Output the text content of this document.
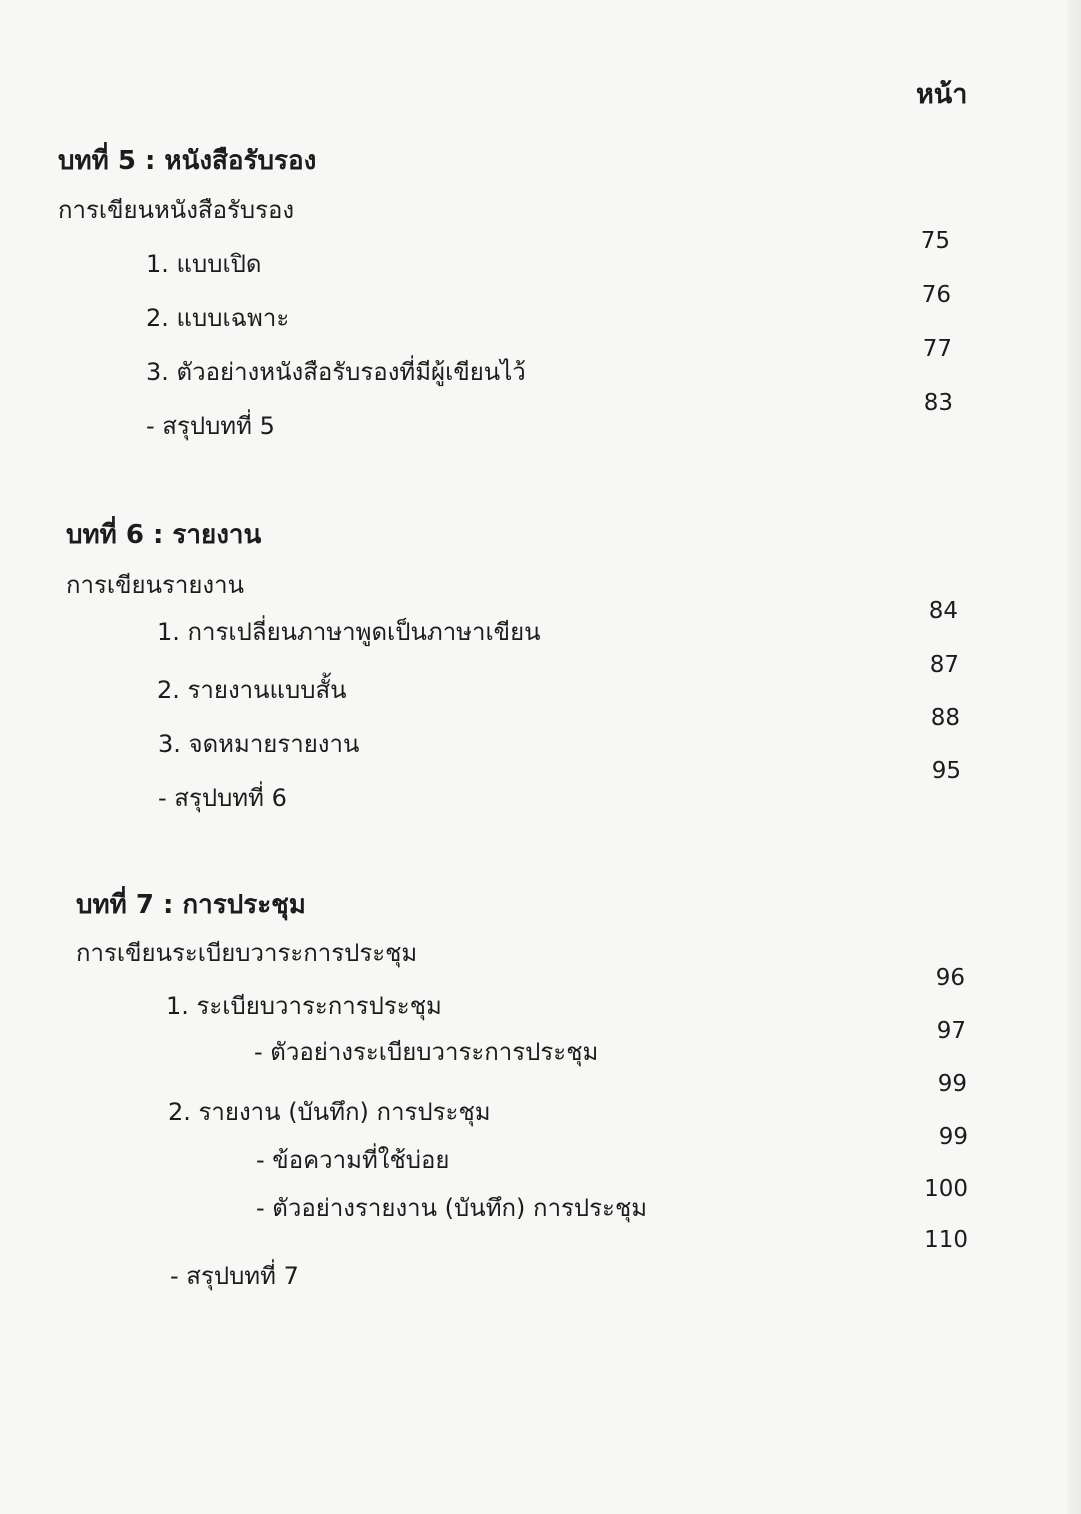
หน้า
บทที่ 5 : หนังสือรับรอง
การเขียนหนังสือรับรอง
1. แบบเปิด
75
2. แบบเฉพาะ
76
3. ตัวอย่างหนังสือรับรองที่มีผู้เขียนไว้
77
- สรุปบทที่ 5
83
บทที่ 6 : รายงาน
การเขียนรายงาน
1. การเปลี่ยนภาษาพูดเป็นภาษาเขียน
84
2. รายงานแบบสั้น
87
3. จดหมายรายงาน
88
- สรุปบทที่ 6
95
บทที่ 7 : การประชุม
การเขียนระเบียบวาระการประชุม
1. ระเบียบวาระการประชุม
96
- ตัวอย่างระเบียบวาระการประชุม
97
2. รายงาน (บันทึก) การประชุม
99
- ข้อความที่ใช้บ่อย
99
- ตัวอย่างรายงาน (บันทึก) การประชุม
100
- สรุปบทที่ 7
110
